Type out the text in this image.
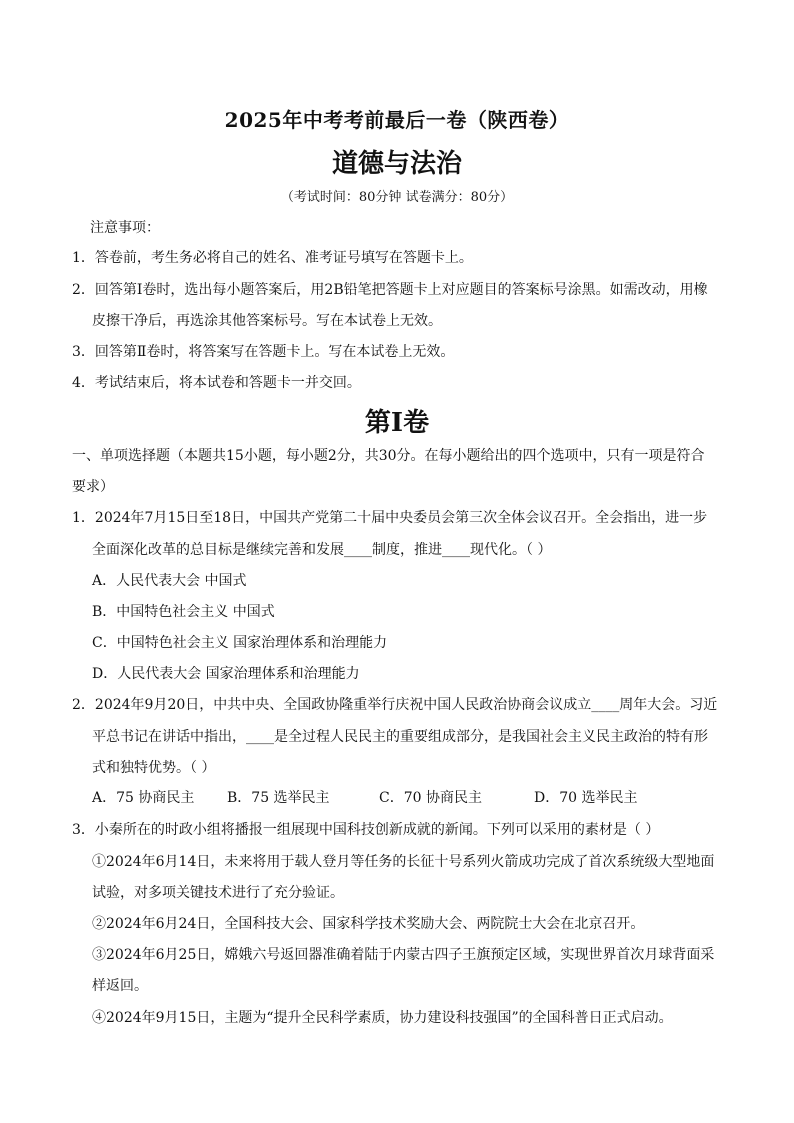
2025年中考考前最后一卷（陕西卷）
道德与法治
（考试时间：80分钟 试卷满分：80分）
注意事项：
1．答卷前，考生务必将自己的姓名、准考证号填写在答题卡上。
2．回答第Ⅰ卷时，选出每小题答案后，用2B铅笔把答题卡上对应题目的答案标号涂黑。如需改动，用橡
皮擦干净后，再选涂其他答案标号。写在本试卷上无效。
3．回答第Ⅱ卷时，将答案写在答题卡上。写在本试卷上无效。
4．考试结束后，将本试卷和答题卡一并交回。
第Ⅰ卷
一、单项选择题（本题共15小题，每小题2分，共30分。在每小题给出的四个选项中，只有一项是符合
要求）
1．2024年7月15日至18日，中国共产党第二十届中央委员会第三次全体会议召开。全会指出，进一步
全面深化改革的总目标是继续完善和发展____制度，推进____现代化。（ ）
A．人民代表大会 中国式
B．中国特色社会主义 中国式
C．中国特色社会主义 国家治理体系和治理能力
D．人民代表大会 国家治理体系和治理能力
2．2024年9月20日，中共中央、全国政协隆重举行庆祝中国人民政治协商会议成立____周年大会。习近
平总书记在讲话中指出，____是全过程人民民主的重要组成部分，是我国社会主义民主政治的特有形
式和独特优势。（ ）
A．75 协商民主 B．75 选举民主	C．70 协商民主	D．70 选举民主
3．小秦所在的时政小组将播报一组展现中国科技创新成就的新闻。下列可以采用的素材是（ ）
①2024年6月14日，未来将用于载人登月等任务的长征十号系列火箭成功完成了首次系统级大型地面
试验，对多项关键技术进行了充分验证。
②2024年6月24日，全国科技大会、国家科学技术奖励大会、两院院士大会在北京召开。
③2024年6月25日，嫦娥六号返回器准确着陆于内蒙古四子王旗预定区域，实现世界首次月球背面采
样返回。
④2024年9月15日，主题为“提升全民科学素质，协力建设科技强国”的全国科普日正式启动。
